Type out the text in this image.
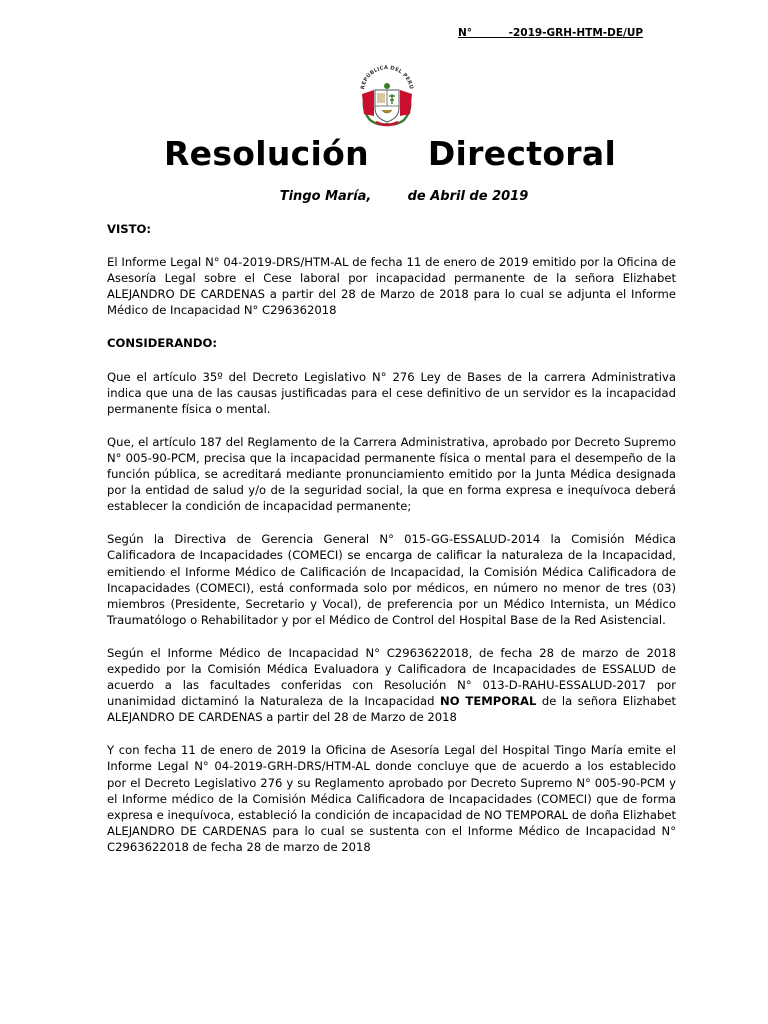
N°          -2019-GRH-HTM-DE/UP
REPÚBLICA DEL PERÚ
Resolución     Directoral
Tingo María,        de Abril de 2019

VISTO:

El Informe Legal N° 04-2019-DRS/HTM-AL de fecha 11 de enero de 2019 emitido por la Oficina de Asesoría Legal sobre el Cese laboral por incapacidad permanente de la señora Elizhabet ALEJANDRO DE CARDENAS a partir del 28 de Marzo de 2018 para lo cual se adjunta el Informe Médico de Incapacidad N° C296362018

CONSIDERANDO:

Que el artículo 35º del Decreto Legislativo N° 276 Ley de Bases de la carrera Administrativa indica que una de las causas justificadas para el cese definitivo de un servidor es la incapacidad permanente física o mental.

Que, el artículo 187 del Reglamento de la Carrera Administrativa, aprobado por Decreto Supremo N° 005-90-PCM, precisa que la incapacidad permanente física o mental para el desempeño de la función pública, se acreditará mediante pronunciamiento emitido por la Junta Médica designada por la entidad de salud y/o de la seguridad social, la que en forma expresa e inequívoca deberá establecer la condición de incapacidad permanente;

Según la Directiva de Gerencia General N° 015-GG-ESSALUD-2014 la Comisión Médica Calificadora de Incapacidades (COMECI) se encarga de calificar la naturaleza de la Incapacidad, emitiendo el Informe Médico de Calificación de Incapacidad, la Comisión Médica Calificadora de Incapacidades (COMECI), está conformada solo por médicos, en número no menor de tres (03) miembros (Presidente, Secretario y Vocal), de preferencia por un Médico Internista, un Médico Traumatólogo o Rehabilitador y por el Médico de Control del Hospital Base de la Red Asistencial.

Según el Informe Médico de Incapacidad N° C2963622018, de fecha 28 de marzo de 2018 expedido por la Comisión Médica Evaluadora y Calificadora de Incapacidades de ESSALUD de acuerdo a las facultades conferidas con Resolución N° 013-D-RAHU-ESSALUD-2017 por unanimidad dictaminó la Naturaleza de la Incapacidad NO TEMPORAL de la señora Elizhabet ALEJANDRO DE CARDENAS a partir del 28 de Marzo de 2018

Y con fecha 11 de enero de 2019 la Oficina de Asesoría Legal del Hospital Tingo María emite el Informe Legal N° 04-2019-GRH-DRS/HTM-AL donde concluye que de acuerdo a los establecido por el Decreto Legislativo 276 y su Reglamento aprobado por Decreto Supremo N° 005-90-PCM y el Informe médico de la Comisión Médica Calificadora de Incapacidades (COMECI) que de forma expresa e inequívoca, estableció la condición de incapacidad de NO TEMPORAL de doña Elizhabet ALEJANDRO DE CARDENAS para lo cual se sustenta con el Informe Médico de Incapacidad N° C2963622018 de fecha 28 de marzo de 2018
